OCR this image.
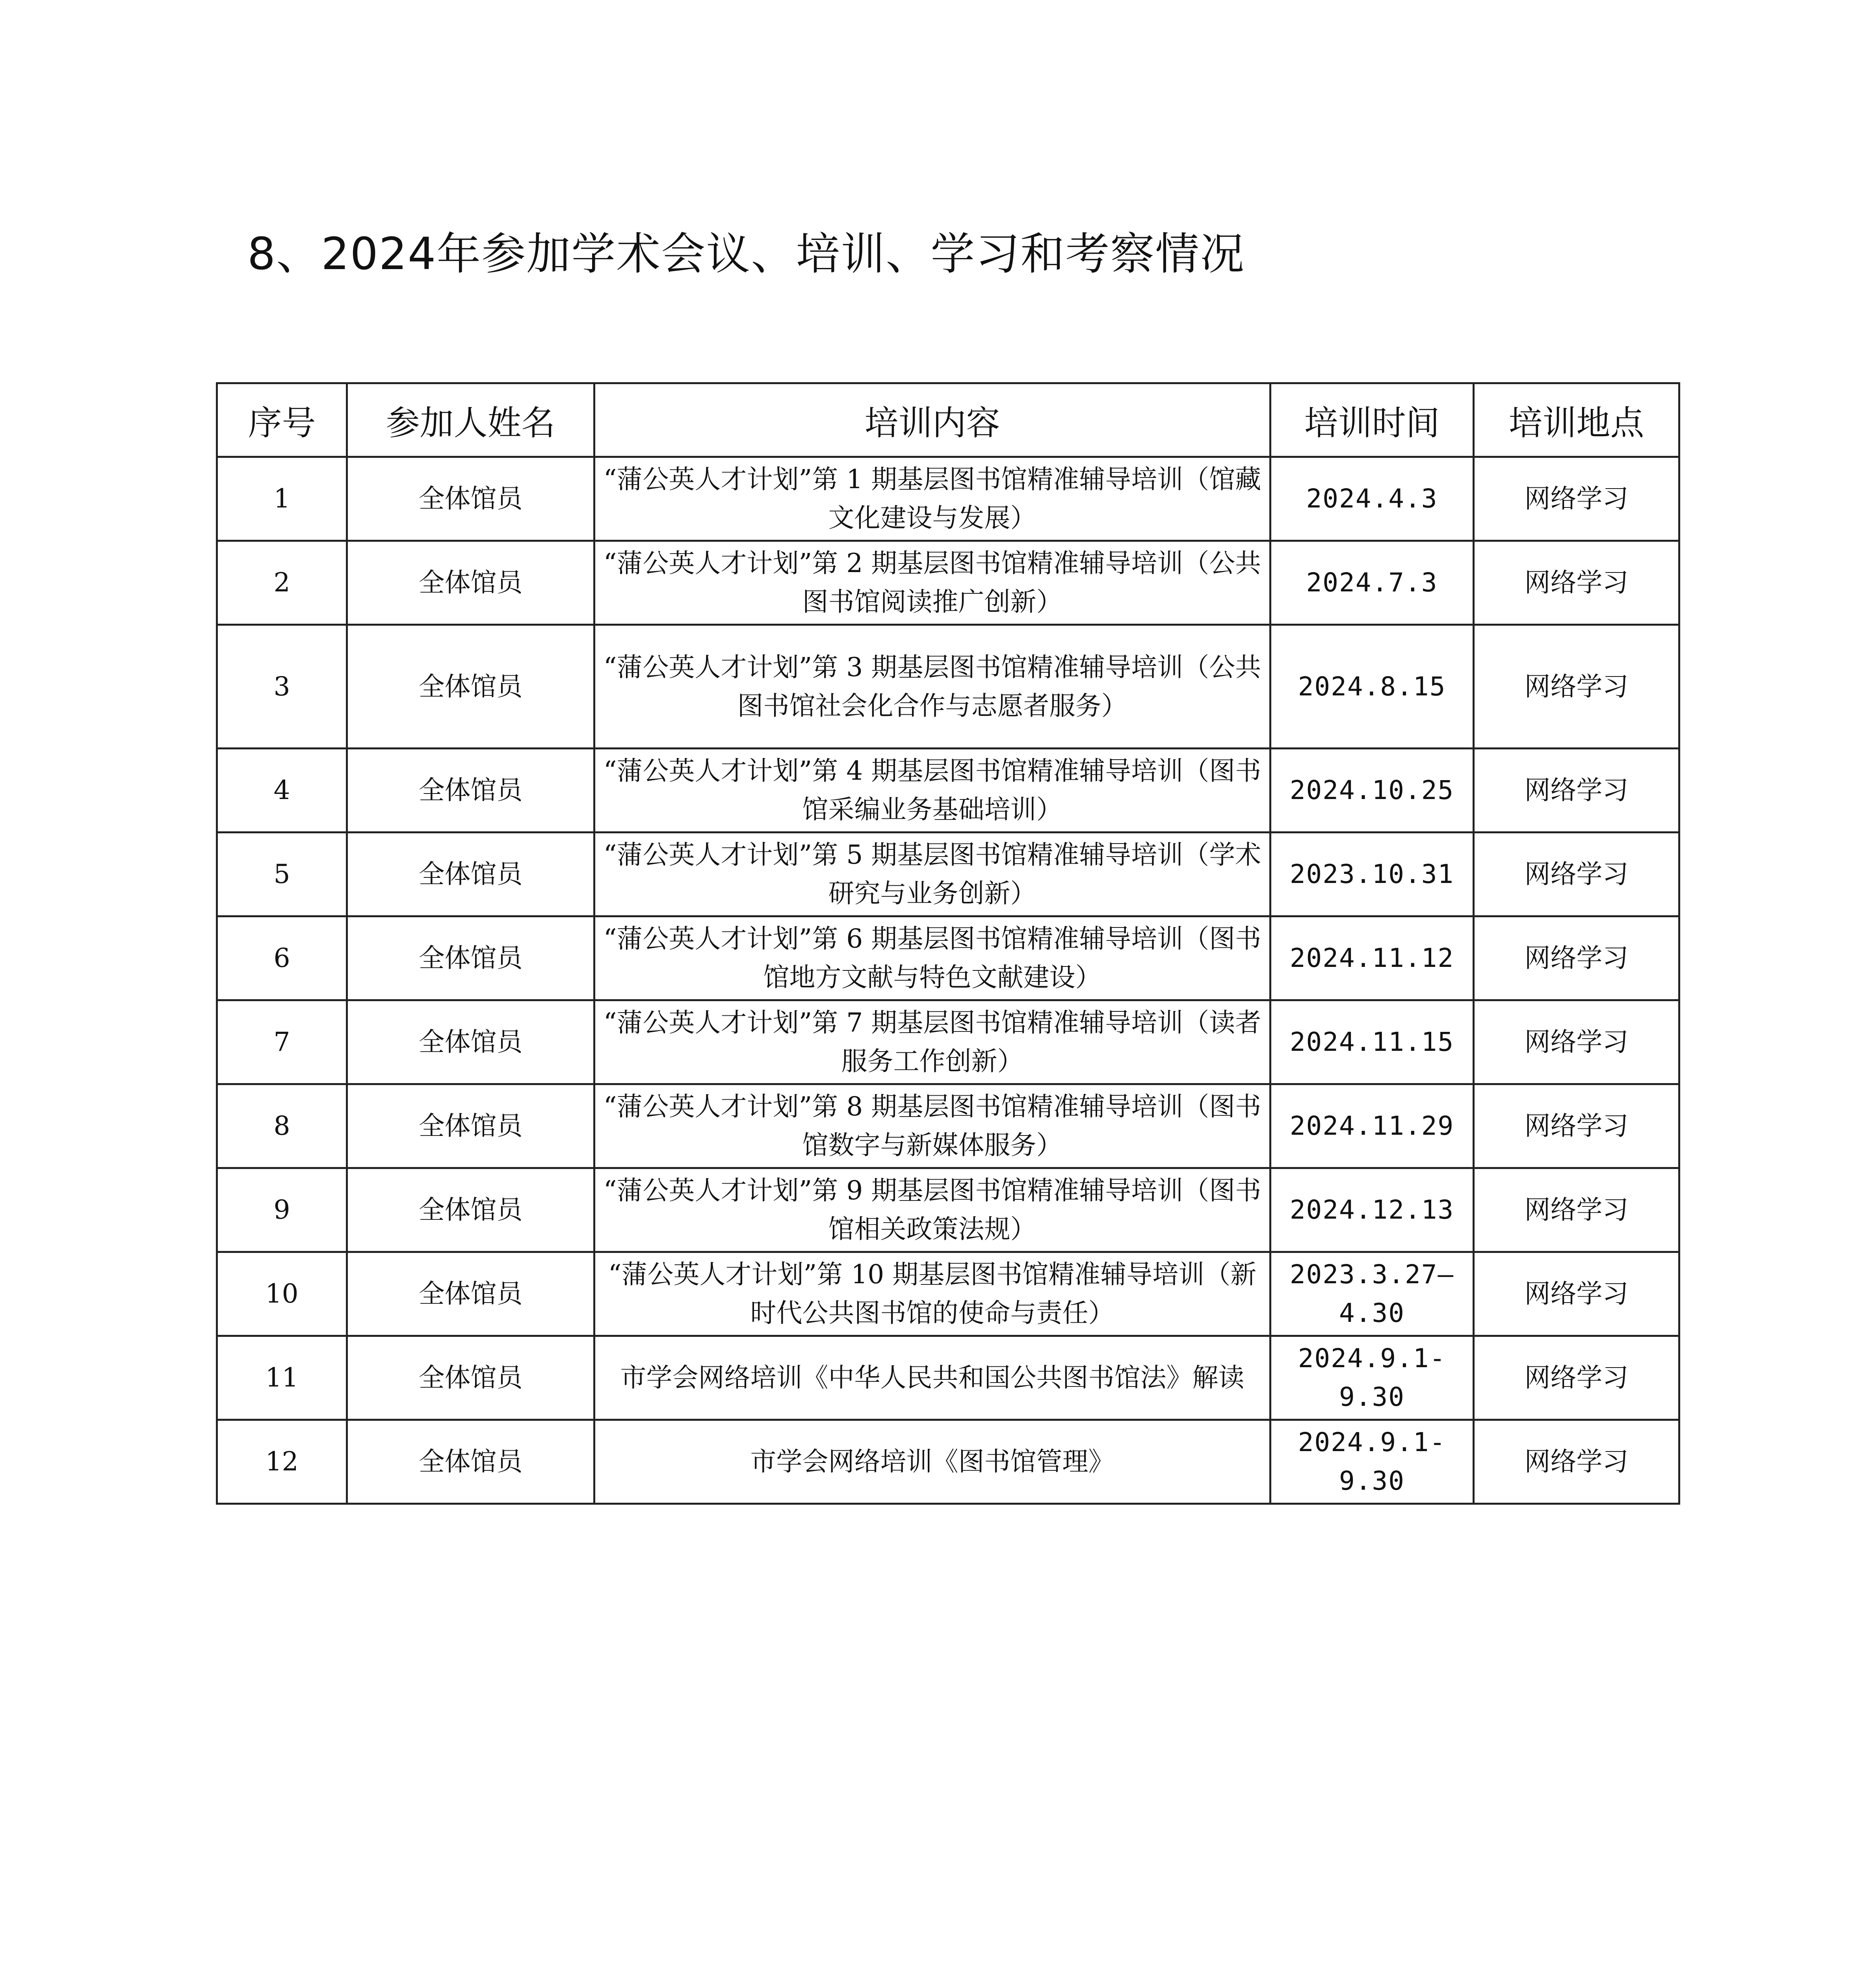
8、2024年参加学术会议、培训、学习和考察情况
序号	参加人姓名	培训内容	培训时间	培训地点
1	全体馆员	“蒲公英人才计划”第 1 期基层图书馆精准辅导培训（馆藏文化建设与发展）	2024.4.3	网络学习
2	全体馆员	“蒲公英人才计划”第 2 期基层图书馆精准辅导培训（公共图书馆阅读推广创新）	2024.7.3	网络学习
3	全体馆员	“蒲公英人才计划”第 3 期基层图书馆精准辅导培训（公共图书馆社会化合作与志愿者服务）	2024.8.15	网络学习
4	全体馆员	“蒲公英人才计划”第 4 期基层图书馆精准辅导培训（图书馆采编业务基础培训）	2024.10.25	网络学习
5	全体馆员	“蒲公英人才计划”第 5 期基层图书馆精准辅导培训（学术研究与业务创新）	2023.10.31	网络学习
6	全体馆员	“蒲公英人才计划”第 6 期基层图书馆精准辅导培训（图书馆地方文献与特色文献建设）	2024.11.12	网络学习
7	全体馆员	“蒲公英人才计划”第 7 期基层图书馆精准辅导培训（读者服务工作创新）	2024.11.15	网络学习
8	全体馆员	“蒲公英人才计划”第 8 期基层图书馆精准辅导培训（图书馆数字与新媒体服务）	2024.11.29	网络学习
9	全体馆员	“蒲公英人才计划”第 9 期基层图书馆精准辅导培训（图书馆相关政策法规）	2024.12.13	网络学习
10	全体馆员	“蒲公英人才计划”第 10 期基层图书馆精准辅导培训（新时代公共图书馆的使命与责任）	2023.3.27—4.30	网络学习
11	全体馆员	市学会网络培训《中华人民共和国公共图书馆法》解读	2024.9.1-9.30	网络学习
12	全体馆员	市学会网络培训《图书馆管理》	2024.9.1-9.30	网络学习
